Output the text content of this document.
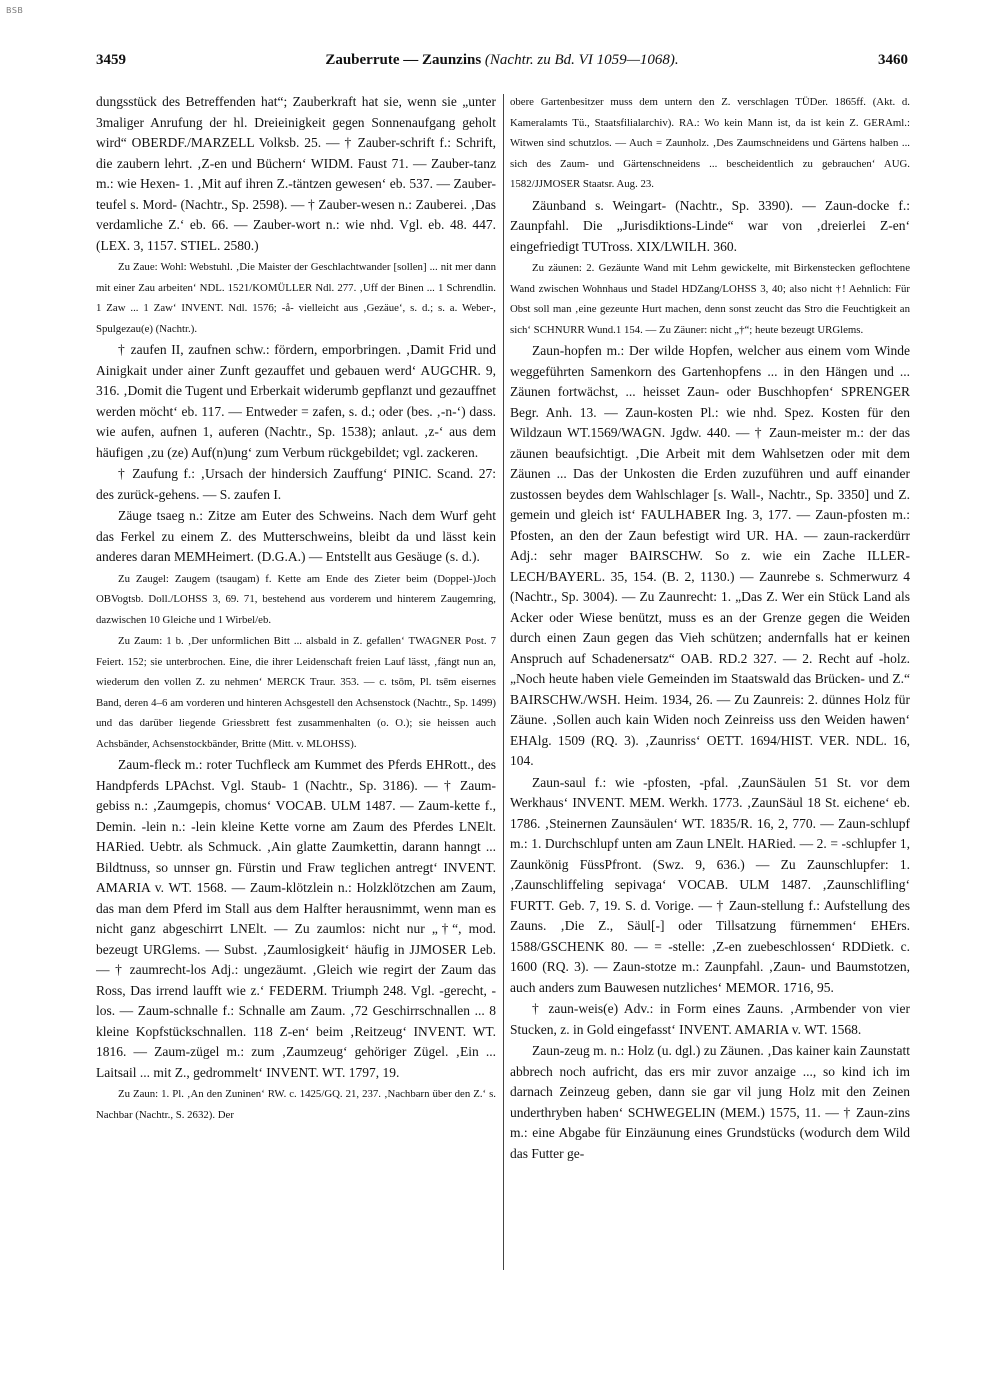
BSB
3459	Zauberrute — Zaunzins (Nachtr. zu Bd. VI 1059—1068).	3460

dungsstück des Betreffenden hat“; Zauberkraft hat sie, wenn sie „unter 3maliger Anrufung der hl. Dreieinigkeit gegen Sonnenaufgang geholt wird“ OBERDF./MARZELL Volksb. 25. — † Zauber-schrift f.: Schrift, die zaubern lehrt. ‚Z-en und Büchern‘ WIDM. Faust 71. — Zauber-tanz m.: wie Hexen- 1. ‚Mit auf ihren Z.-täntzen gewesen‘ eb. 537. — Zauber-teufel s. Mord- (Nachtr., Sp. 2598). — † Zauber-wesen n.: Zauberei. ‚Das verdamliche Z.‘ eb. 66. — Zauber-wort n.: wie nhd. Vgl. eb. 48. 447. (LEX. 3, 1157. STIEL. 2580.)

Zu Zaue: Wohl: Webstuhl. ‚Die Maister der Geschlachtwander [sollen] ... nit mer dann mit einer Zau arbeiten‘ NDL. 1521/KOMÜLLER Ndl. 277. ‚Uff der Binen ... 1 Schrendlin. 1 Zaw ... 1 Zaw‘ INVENT. Ndl. 1576; -å- vielleicht aus ‚Gezäue‘, s. d.; s. a. Weber-, Spulgezau(e) (Nachtr.).

† zaufen II, zaufnen schw.: fördern, emporbringen. ‚Damit Frid und Ainigkait under ainer Zunft gezauffet und gebauen werd‘ AUGCHR. 9, 316. ‚Domit die Tugent und Erberkait widerumb gepflanzt und gezauffnet werden möcht‘ eb. 117. — Entweder = zafen, s. d.; oder (bes. ‚-n-‘) dass. wie aufen, aufnen 1, auferen (Nachtr., Sp. 1538); anlaut. ‚z-‘ aus dem häufigen ‚zu (ze) Auf(n)ung‘ zum Verbum rückgebildet; vgl. zackeren.

† Zaufung f.: ‚Ursach der hindersich Zauffung‘ PINIC. Scand. 27: des zurück-gehens. — S. zaufen I.

Zäuge tsaeg n.: Zitze am Euter des Schweins. Nach dem Wurf geht das Ferkel zu einem Z. des Mutterschweins, bleibt da und lässt kein anderes daran MEMHeimert. (D.G.A.) — Entstellt aus Gesäuge (s. d.).

Zu Zaugel: Zaugem (tsaugam) f. Kette am Ende des Zieter beim (Doppel-)Joch OBVogtsb. Doll./LOHSS 3, 69. 71, bestehend aus vorderem und hinterem Zaugemring, dazwischen 10 Gleiche und 1 Wirbel/eb.

Zu Zaum: 1 b. ‚Der unformlichen Bitt ... alsbald in Z. gefallen‘ TWAGNER Post. 7 Feiert. 152; sie unterbrochen. Eine, die ihrer Leidenschaft freien Lauf lässt, ‚fängt nun an, wiederum den vollen Z. zu nehmen‘ MERCK Traur. 353. — c. tsōm, Pl. tsēm eisernes Band, deren 4–6 am vorderen und hinteren Achsgestell den Achsenstock (Nachtr., Sp. 1499) und das darüber liegende Griessbrett fest zusammenhalten (o. O.); sie heissen auch Achsbänder, Achsenstockbänder, Britte (Mitt. v. MLOHSS).

Zaum-fleck m.: roter Tuchfleck am Kummet des Pferds EHRott., des Handpferds LPAchst. Vgl. Staub- 1 (Nachtr., Sp. 3186). — † Zaum-gebiss n.: ‚Zaumgepis, chomus‘ VOCAB. ULM 1487. — Zaum-kette f., Demin. -lein n.: -lein kleine Kette vorne am Zaum des Pferdes LNElt. HARied. Uebtr. als Schmuck. ‚Ain glatte Zaumkettin, darann hanngt ... Bildtnuss, so unnser gn. Fürstin und Fraw teglichen antregt‘ INVENT. AMARIA v. WT. 1568. — Zaum-klötzlein n.: Holzklötzchen am Zaum, das man dem Pferd im Stall aus dem Halfter herausnimmt, wenn man es nicht ganz abgeschirrt LNElt. — Zu zaumlos: nicht nur „†“, mod. bezeugt URGlems. — Subst. ‚Zaumlosigkeit‘ häufig in JJMOSER Leb. — † zaumrecht-los Adj.: ungezäumt. ‚Gleich wie regirt der Zaum das Ross, Das irrend laufft wie z.‘ FEDERM. Triumph 248. Vgl. -gerecht, -los. — Zaum-schnalle f.: Schnalle am Zaum. ‚72 Geschirrschnallen ... 8 kleine Kopfstückschnallen. 118 Z-en‘ beim ‚Reitzeug‘ INVENT. WT. 1816. — Zaum-zügel m.: zum ‚Zaumzeug‘ gehöriger Zügel. ‚Ein ... Laitsail ... mit Z., gedrommelt‘ INVENT. WT. 1797, 19.

Zu Zaun: 1. Pl. ‚An den Zuninen‘ RW. c. 1425/GQ. 21, 237. ‚Nachbarn über den Z.‘ s. Nachbar (Nachtr., S. 2632). Der

obere Gartenbesitzer muss dem untern den Z. verschlagen TÜDer. 1865ff. (Akt. d. Kameralamts Tü., Staatsfilialarchiv). RA.: Wo kein Mann ist, da ist kein Z. GERAml.: Witwen sind schutzlos. — Auch = Zaunholz. ‚Des Zaumschneidens und Gärtens halben ... sich des Zaum- und Gärtenschneidens ... bescheidentlich zu gebrauchen‘ AUG. 1582/JJMOSER Staatsr. Aug. 23.

Zäunband s. Weingart- (Nachtr., Sp. 3390). — Zaun-docke f.: Zaunpfahl. Die „Jurisdiktions-Linde“ war von ‚dreierlei Z-en‘ eingefriedigt TUTross. XIX/LWILH. 360.

Zu zäunen: 2. Gezäunte Wand mit Lehm gewickelte, mit Birkenstecken geflochtene Wand zwischen Wohnhaus und Stadel HDZang/LOHSS 3, 40; also nicht †! Aehnlich: Für Obst soll man ‚eine gezeunte Hurt machen, denn sonst zeucht das Stro die Feuchtigkeit an sich‘ SCHNURR Wund.1 154. — Zu Zäuner: nicht „†“; heute bezeugt URGlems.

Zaun-hopfen m.: Der wilde Hopfen, welcher aus einem vom Winde weggeführten Samenkorn des Gartenhopfens ... in den Hängen und ... Zäunen fortwächst, ... heisset Zaun- oder Buschhopfen‘ SPRENGER Begr. Anh. 13. — Zaun-kosten Pl.: wie nhd. Spez. Kosten für den Wildzaun WT.1569/WAGN. Jgdw. 440. — † Zaun-meister m.: der das zäunen beaufsichtigt. ‚Die Arbeit mit dem Wahlsetzen oder mit dem Zäunen ... Das der Unkosten die Erden zuzuführen und auff einander zustossen beydes dem Wahlschlager [s. Wall-, Nachtr., Sp. 3350] und Z. gemein und gleich ist‘ FAULHABER Ing. 3, 177. — Zaun-pfosten m.: Pfosten, an den der Zaun befestigt wird UR. HA. — zaun-rackerdürr Adj.: sehr mager BAIRSCHW. So z. wie ein Zache ILLER-LECH/BAYERL. 35, 154. (B. 2, 1130.) — Zaunrebe s. Schmerwurz 4 (Nachtr., Sp. 3004). — Zu Zaunrecht: 1. „Das Z. Wer ein Stück Land als Acker oder Wiese benützt, muss es an der Grenze gegen die Weiden durch einen Zaun gegen das Vieh schützen; andernfalls hat er keinen Anspruch auf Schadenersatz“ OAB. RD.2 327. — 2. Recht auf -holz. „Noch heute haben viele Gemeinden im Staatswald das Brücken- und Z.“ BAIRSCHW./WSH. Heim. 1934, 26. — Zu Zaunreis: 2. dünnes Holz für Zäune. ‚Sollen auch kain Widen noch Zeinreiss uss den Weiden hawen‘ EHAlg. 1509 (RQ. 3). ‚Zaunriss‘ OETT. 1694/HIST. VER. NDL. 16, 104.

Zaun-saul f.: wie -pfosten, -pfal. ‚ZaunSäulen 51 St. vor dem Werkhaus‘ INVENT. MEM. Werkh. 1773. ‚ZaunSäul 18 St. eichene‘ eb. 1786. ‚Steinernen Zaunsäulen‘ WT. 1835/R. 16, 2, 770. — Zaun-schlupf m.: 1. Durchschlupf unten am Zaun LNElt. HARied. — 2. = -schlupfer 1, Zaunkönig FüssPfront. (Swz. 9, 636.) — Zu Zaunschlupfer: 1. ‚Zaunschliffeling sepivaga‘ VOCAB. ULM 1487. ‚Zaunschlifling‘ FURTT. Geb. 7, 19. S. d. Vorige. — † Zaun-stellung f.: Aufstellung des Zauns. ‚Die Z., Säul[-] oder Tillsatzung fürnemmen‘ EHErs. 1588/GSCHENK 80. — = -stelle: ‚Z-en zuebeschlossen‘ RDDietk. c. 1600 (RQ. 3). — Zaun-stotze m.: Zaunpfahl. ‚Zaun- und Baumstotzen, auch anders zum Bauwesen nutzliches‘ MEMOR. 1716, 95.

† zaun-weis(e) Adv.: in Form eines Zauns. ‚Armbender von vier Stucken, z. in Gold eingefasst‘ INVENT. AMARIA v. WT. 1568.

Zaun-zeug m. n.: Holz (u. dgl.) zu Zäunen. ‚Das kainer kain Zaunstatt abbrech noch aufricht, das ers mir zuvor anzaige ..., so kind ich im darnach Zeinzeug geben, dann sie gar vil jung Holz mit den Zeinen underthryben haben‘ SCHWEGELIN (MEM.) 1575, 11. — † Zaun-zins m.: eine Abgabe für Einzäunung eines Grundstücks (wodurch dem Wild das Futter ge-
